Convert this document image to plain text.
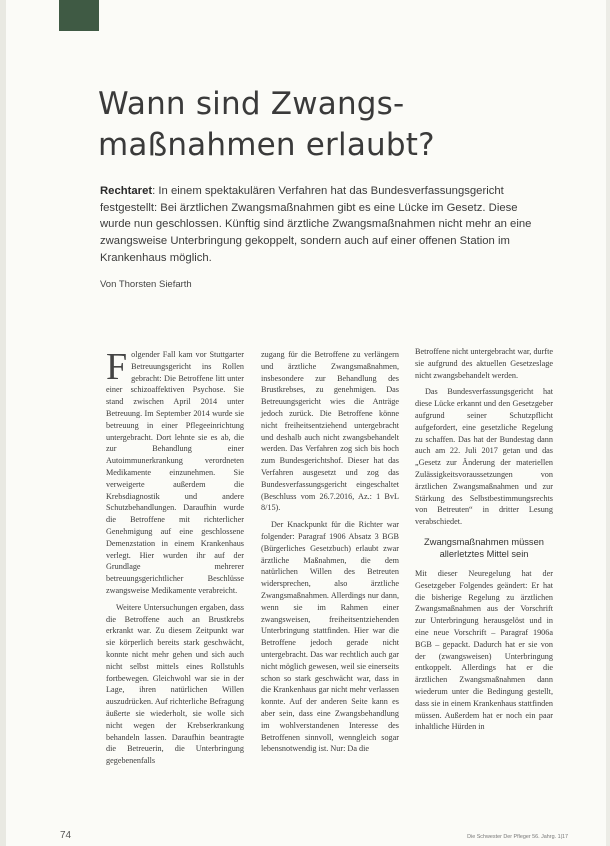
Wann sind Zwangs-
maßnahmen erlaubt?

Rechtaret: In einem spektakulären Verfahren hat das Bundesverfassungsgericht festgestellt: Bei ärztlichen Zwangsmaßnahmen gibt es eine Lücke im Gesetz. Diese wurde nun geschlossen. Künftig sind ärztliche Zwangsmaßnahmen nicht mehr an eine zwangsweise Unterbringung gekoppelt, sondern auch auf einer offenen Station im Krankenhaus möglich.

Von Thorsten Siefarth

Folgender Fall kam vor Stuttgarter Betreuungsgericht ins Rollen gebracht: Die Betroffene litt unter einer schizoaffektiven Psychose. Sie stand zwischen April 2014 unter Betreuung. Im September 2014 wurde sie betreuung in einer Pflegeeinrichtung untergebracht. Dort lehnte sie es ab, die zur Behandlung einer Autoimmunerkrankung verordneten Medikamente einzunehmen. Sie verweigerte außerdem die Krebsdiagnostik und andere Schutzbehandlungen. Daraufhin wurde die Betroffene mit richterlicher Genehmigung auf eine geschlossene Demenzstation in einem Krankenhaus verlegt. Hier wurden ihr auf der Grundlage mehrerer betreuungsgerichtlicher Beschlüsse zwangsweise Medikamente verabreicht.

Weitere Untersuchungen ergaben, dass die Betroffene auch an Brustkrebs erkrankt war. Zu diesem Zeitpunkt war sie körperlich bereits stark geschwächt, konnte nicht mehr gehen und sich auch nicht selbst mittels eines Rollstuhls fortbewegen. Gleichwohl war sie in der Lage, ihren natürlichen Willen auszudrücken. Auf richterliche Befragung äußerte sie wiederholt, sie wolle sich nicht wegen der Krebserkrankung behandeln lassen. Daraufhin beantragte die Betreuerin, die Unterbringung gegebenenfalls

zugang für die Betroffene zu verlängern und ärztliche Zwangsmaßnahmen, insbesondere zur Behandlung des Brustkrebses, zu genehmigen. Das Betreuungsgericht wies die Anträge jedoch zurück. Die Betroffene könne nicht freiheitsentziehend untergebracht und deshalb auch nicht zwangsbehandelt werden. Das Verfahren zog sich bis hoch zum Bundesgerichtshof. Dieser hat das Verfahren ausgesetzt und zog das Bundesverfassungsgericht eingeschaltet (Beschluss vom 26.7.2016, Az.: 1 BvL 8/15).

Der Knackpunkt für die Richter war folgender: Paragraf 1906 Absatz 3 BGB (Bürgerliches Gesetzbuch) erlaubt zwar ärztliche Maßnahmen, die dem natürlichen Willen des Betreuten widersprechen, also ärztliche Zwangsmaßnahmen. Allerdings nur dann, wenn sie im Rahmen einer zwangsweisen, freiheitsentziehenden Unterbringung stattfinden. Hier war die Betroffene jedoch gerade nicht untergebracht. Das war rechtlich auch gar nicht möglich gewesen, weil sie einerseits schon so stark geschwächt war, dass in die Krankenhaus gar nicht mehr verlassen konnte. Auf der anderen Seite kann es aber sein, dass eine Zwangsbehandlung im wohlverstandenen Interesse des Betroffenen sinnvoll, wenngleich sogar lebensnotwendig ist. Nur: Da die

Betroffene nicht untergebracht war, durfte sie aufgrund des aktuellen Gesetzeslage nicht zwangsbehandelt werden.

Das Bundesverfassungsgericht hat diese Lücke erkannt und den Gesetzgeber aufgrund seiner Schutzpflicht aufgefordert, eine gesetzliche Regelung zu schaffen. Das hat der Bundestag dann auch am 22. Juli 2017 getan und das „Gesetz zur Änderung der materiellen Zulässigkeitsvoraussetzungen von ärztlichen Zwangsmaßnahmen und zur Stärkung des Selbstbestimmungsrechts von Betreuten“ in dritter Lesung verabschiedet.

Zwangsmaßnahmen müssen
allerletztes Mittel sein

Mit dieser Neuregelung hat der Gesetzgeber Folgendes geändert: Er hat die bisherige Regelung zu ärztlichen Zwangsmaßnahmen aus der Vorschrift zur Unterbringung herausgelöst und in eine neue Vorschrift – Paragraf 1906a BGB – gepackt. Dadurch hat er sie von der (zwangsweisen) Unterbringung entkoppelt. Allerdings hat er die ärztlichen Zwangsmaßnahmen dann wiederum unter die Bedingung gestellt, dass sie in einem Krankenhaus stattfinden müssen. Außerdem hat er noch ein paar inhaltliche Hürden in

74	Die Schwester Der Pfleger 56. Jahrg. 1|17
